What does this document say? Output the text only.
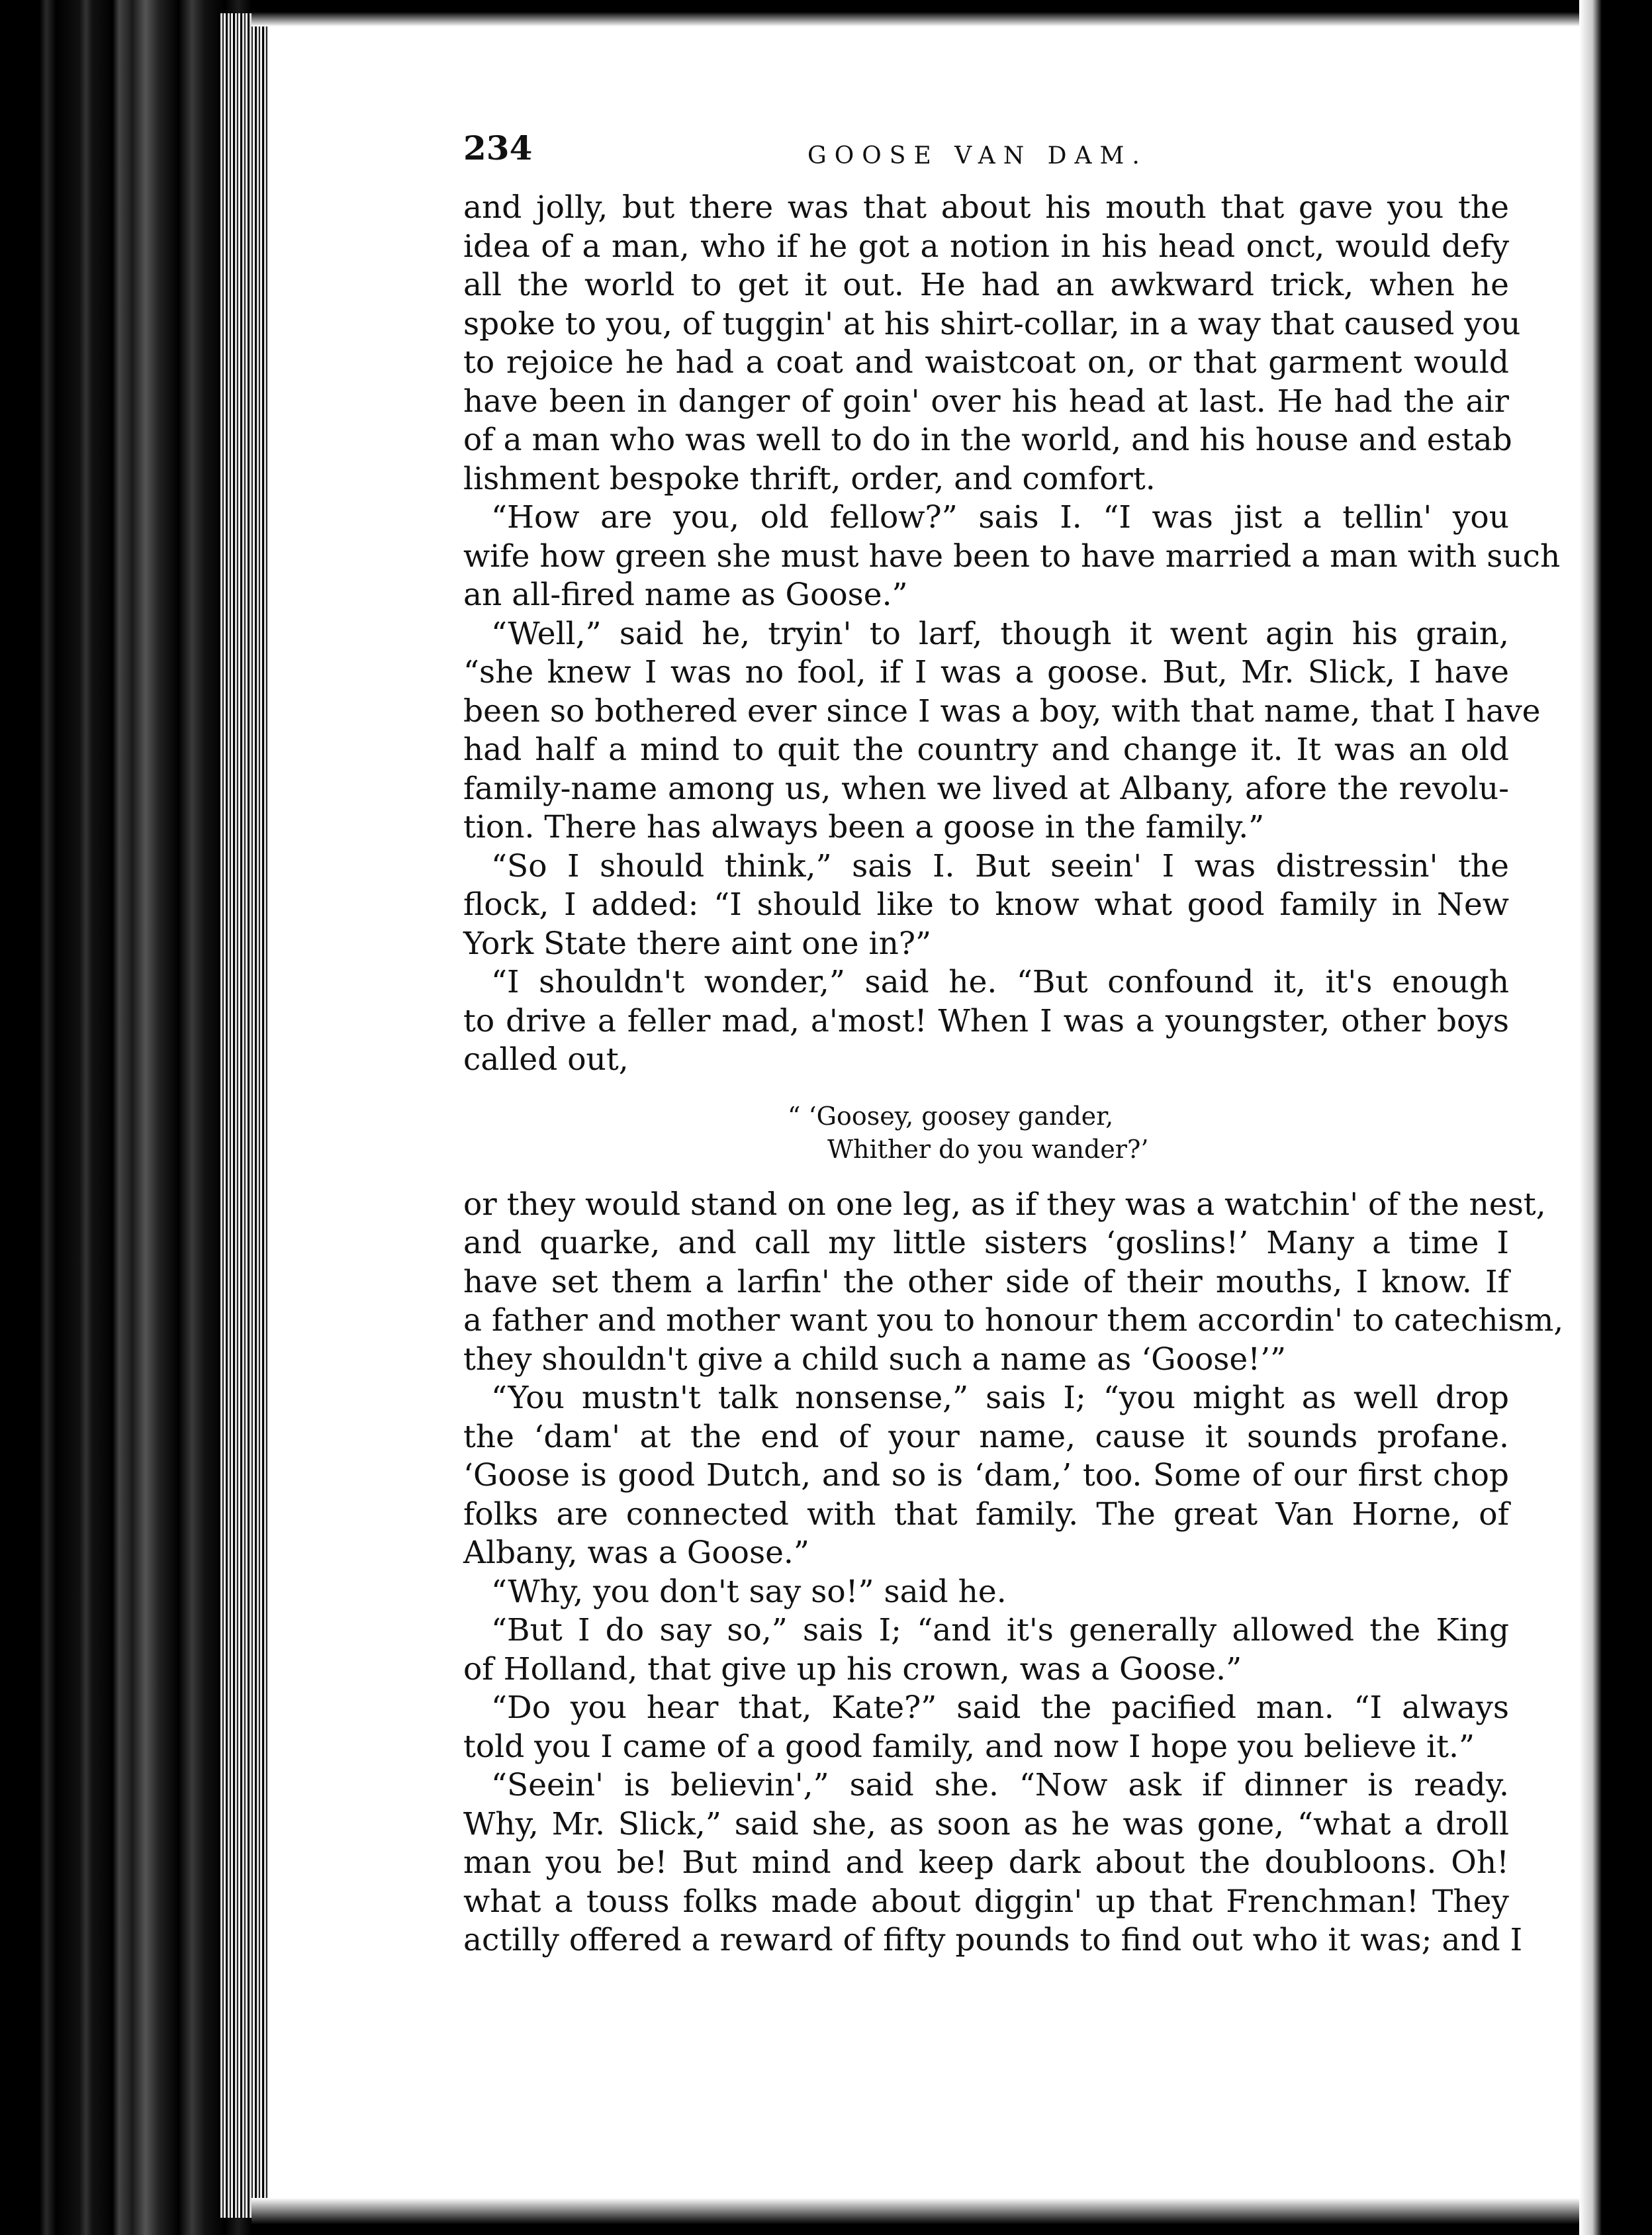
234	GOOSE VAN DAM.
and jolly, but there was that about his mouth that gave you the
idea of a man, who if he got a notion in his head onct, would defy
all the world to get it out. He had an awkward trick, when he
spoke to you, of tuggin' at his shirt-collar, in a way that caused you
to rejoice he had a coat and waistcoat on, or that garment would
have been in danger of goin' over his head at last. He had the air
of a man who was well to do in the world, and his house and estab
lishment bespoke thrift, order, and comfort.
“How are you, old fellow?” sais I. “I was jist a tellin' you
wife how green she must have been to have married a man with such
an all-fired name as Goose.”
“Well,” said he, tryin' to larf, though it went agin his grain,
“she knew I was no fool, if I was a goose. But, Mr. Slick, I have
been so bothered ever since I was a boy, with that name, that I have
had half a mind to quit the country and change it. It was an old
family-name among us, when we lived at Albany, afore the revolu-
tion. There has always been a goose in the family.”
“So I should think,” sais I. But seein' I was distressin' the
flock, I added: “I should like to know what good family in New
York State there aint one in?”
“I shouldn't wonder,” said he. “But confound it, it's enough
to drive a feller mad, a'most! When I was a youngster, other boys
called out,
“ ‘Goosey, goosey gander,
Whither do you wander?’
or they would stand on one leg, as if they was a watchin' of the nest,
and quarke, and call my little sisters ‘goslins!’ Many a time I
have set them a larfin' the other side of their mouths, I know. If
a father and mother want you to honour them accordin' to catechism,
they shouldn't give a child such a name as ‘Goose!’”
“You mustn't talk nonsense,” sais I; “you might as well drop
the ‘dam' at the end of your name, cause it sounds profane.
‘Goose is good Dutch, and so is ‘dam,’ too. Some of our first chop
folks are connected with that family. The great Van Horne, of
Albany, was a Goose.”
“Why, you don't say so!” said he.
“But I do say so,” sais I; “and it's generally allowed the King
of Holland, that give up his crown, was a Goose.”
“Do you hear that, Kate?” said the pacified man. “I always
told you I came of a good family, and now I hope you believe it.”
“Seein' is believin',” said she. “Now ask if dinner is ready.
Why, Mr. Slick,” said she, as soon as he was gone, “what a droll
man you be! But mind and keep dark about the doubloons. Oh!
what a touss folks made about diggin' up that Frenchman! They
actilly offered a reward of fifty pounds to find out who it was; and I
